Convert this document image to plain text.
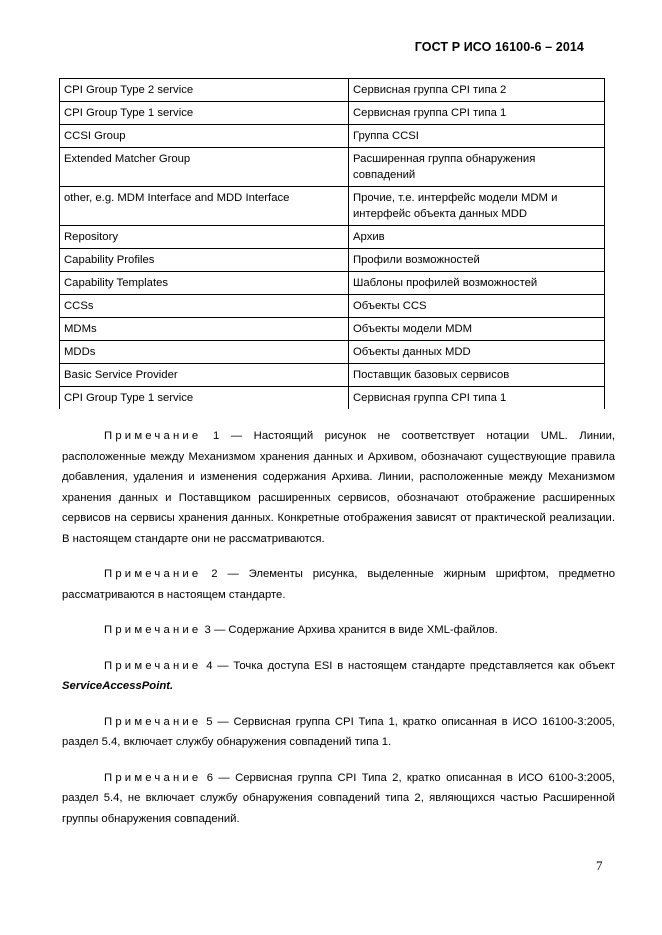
ГОСТ Р ИСО 16100-6 – 2014
CPI Group Type 2 service	Сервисная группа CPI типа 2
CPI Group Type 1 service	Сервисная группа CPI типа 1
CCSI Group	Группа CCSI
Extended Matcher Group	Расширенная группа обнаружения совпадений
other, e.g. MDM Interface and MDD Interface	Прочие, т.е. интерфейс модели MDM и интерфейс объекта данных MDD
Repository	Архив
Capability Profiles	Профили возможностей
Capability Templates	Шаблоны профилей возможностей
CCSs	Объекты CCS
MDMs	Объекты модели MDM
MDDs	Объекты данных MDD
Basic Service Provider	Поставщик базовых сервисов
CPI Group Type 1 service	Сервисная группа CPI типа 1

Примечание 1 — Настоящий рисунок не соответствует нотации UML. Линии, расположенные между Механизмом хранения данных и Архивом, обозначают существующие правила добавления, удаления и изменения содержания Архива. Линии, расположенные между Механизмом хранения данных и Поставщиком расширенных сервисов, обозначают отображение расширенных сервисов на сервисы хранения данных. Конкретные отображения зависят от практической реализации. В настоящем стандарте они не рассматриваются.

Примечание 2 — Элементы рисунка, выделенные жирным шрифтом, предметно рассматриваются в настоящем стандарте.

Примечание 3 — Содержание Архива хранится в виде XML-файлов.

Примечание 4 — Точка доступа ESI в настоящем стандарте представляется как объект ServiceAccessPoint.

Примечание 5 — Сервисная группа CPI Типа 1, кратко описанная в ИСО 16100-3:2005, раздел 5.4, включает службу обнаружения совпадений типа 1.

Примечание 6 — Сервисная группа CPI Типа 2, кратко описанная в ИСО 6100-3:2005, раздел 5.4, не включает службу обнаружения совпадений типа 2, являющихся частью Расширенной группы обнаружения совпадений.

7
